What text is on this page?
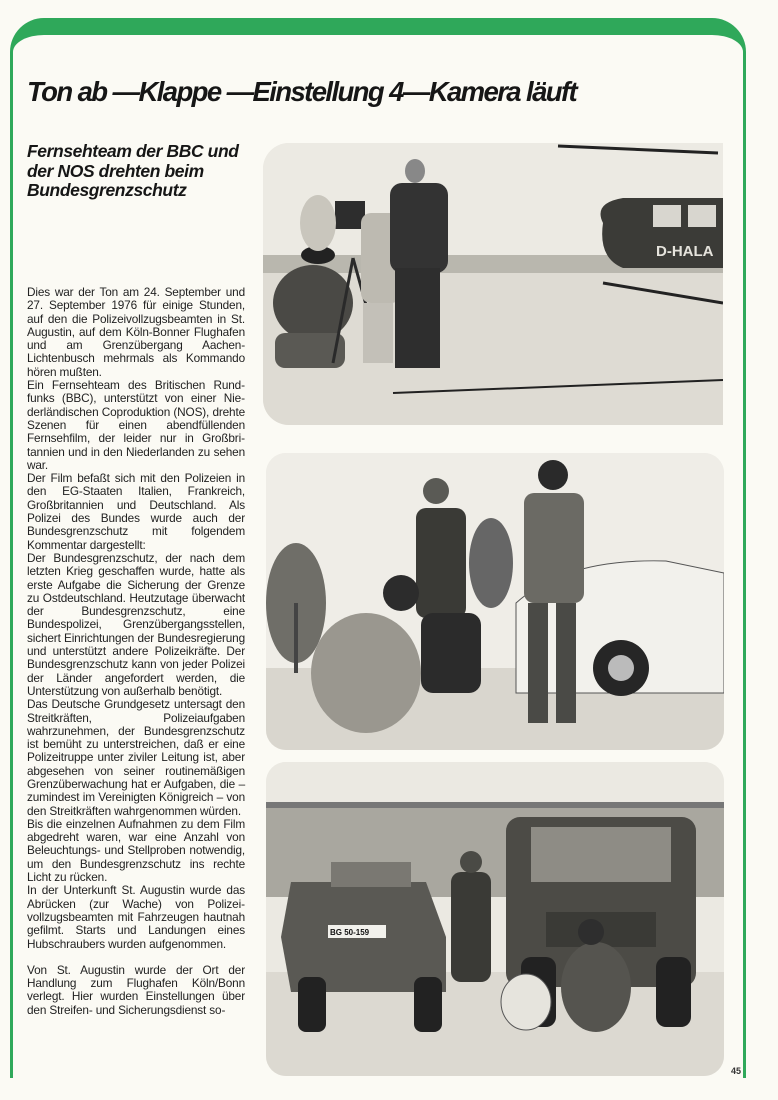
Ton ab —Klappe —Einstellung 4—Kamera läuft
Fernsehteam der BBC und der NOS drehten beim Bundesgrenzschutz

Dies war der Ton am 24. September und 27. September 1976 für einige Stunden, auf den die Polizeivollzugsbeamten in St. Augustin, auf dem Köln-Bonner Flughafen und am Grenzübergang Aachen-Lichtenbusch mehrmals als Kommando hören mußten.

Ein Fernsehteam des Britischen Rundfunks (BBC), unterstützt von einer Niederländischen Coproduktion (NOS), drehte Szenen für einen abendfüllenden Fernsehfilm, der leider nur in Großbritannien und in den Niederlanden zu sehen war.

Der Film befaßt sich mit den Polizeien in den EG-Staaten Italien, Frankreich, Großbritannien und Deutschland. Als Polizei des Bundes wurde auch der Bundesgrenzschutz mit folgendem Kommentar dargestellt:

Der Bundesgrenzschutz, der nach dem letzten Krieg geschaffen wurde, hatte als erste Aufgabe die Sicherung der Grenze zu Ostdeutschland. Heutzutage überwacht der Bundesgrenzschutz, eine Bundespolizei, Grenzübergangsstellen, sichert Einrichtungen der Bundesregierung und unterstützt andere Polizeikräfte. Der Bundesgrenzschutz kann von jeder Polizei der Länder angefordert werden, die Unterstützung von außerhalb benötigt.

Das Deutsche Grundgesetz untersagt den Streitkräften, Polizeiaufgaben wahrzunehmen, der Bundesgrenzschutz ist bemüht zu unterstreichen, daß er eine Polizeitruppe unter ziviler Leitung ist, aber abgesehen von seiner routinemäßigen Grenzüberwachung hat er Aufgaben, die – zumindest im Vereinigten Königreich – von den Streitkräften wahrgenommen würden.

Bis die einzelnen Aufnahmen zu dem Film abgedreht waren, war eine Anzahl von Beleuchtungs- und Stellproben notwendig, um den Bundesgrenzschutz ins rechte Licht zu rücken.

In der Unterkunft St. Augustin wurde das Abrücken (zur Wache) von Polizeivollzugsbeamten mit Fahrzeugen hautnah gefilmt. Starts und Landungen eines Hubschraubers wurden aufgenommen.

Von St. Augustin wurde der Ort der Handlung zum Flughafen Köln/Bonn verlegt. Hier wurden Einstellungen über den Streifen- und Sicherungsdienst so-

D-HALA
BG 50-159
45
